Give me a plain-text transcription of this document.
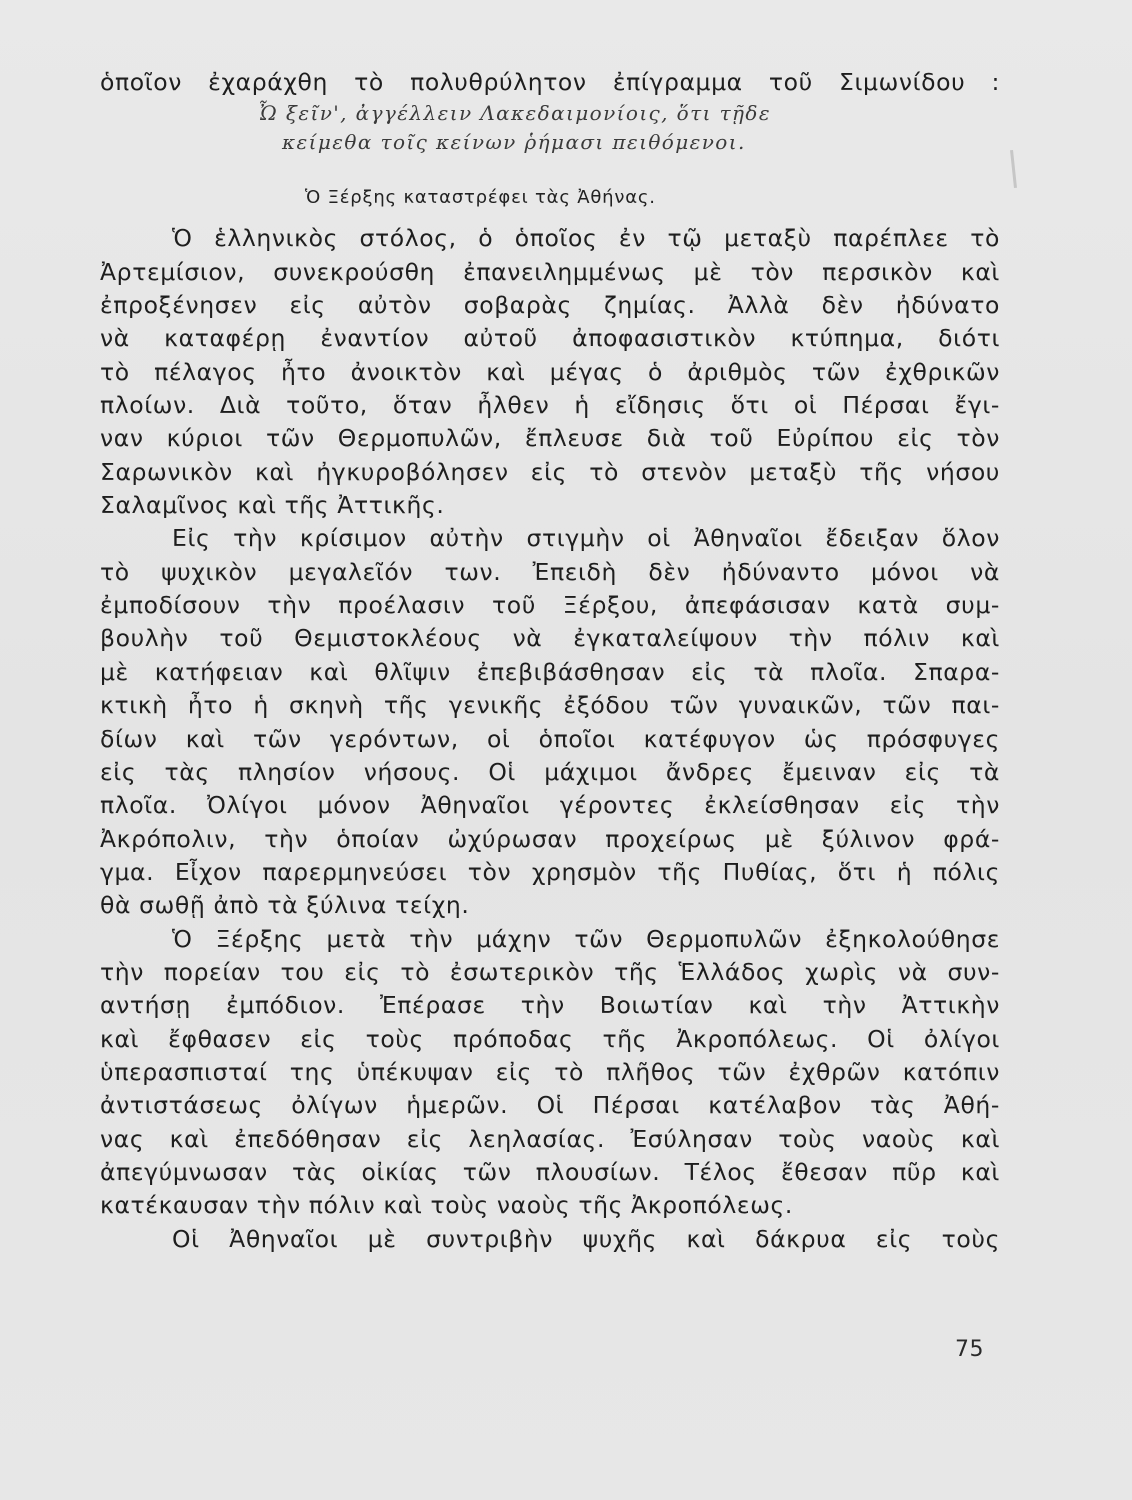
ὁποῖον ἐχαράχθη τὸ πολυθρύλητον ἐπίγραμμα τοῦ Σιμωνίδου :
Ὦ ξεῖν', ἀγγέλλειν Λακεδαιμονίοις, ὅτι τῇδε
κείμεθα τοῖς κείνων ῥήμασι πειθόμενοι.
Ὁ Ξέρξης καταστρέφει τὰς Ἀθήνας.
Ὁ ἑλληνικὸς στόλος, ὁ ὁποῖος ἐν τῷ μεταξὺ παρέπλεε τὸ
Ἀρτεμίσιον, συνεκρούσθη ἐπανειλημμένως μὲ τὸν περσικὸν καὶ
ἐπροξένησεν εἰς αὐτὸν σοβαρὰς ζημίας. Ἀλλὰ δὲν ἠδύνατο
νὰ καταφέρῃ ἐναντίον αὐτοῦ ἀποφασιστικὸν κτύπημα, διότι
τὸ πέλαγος ἦτο ἀνοικτὸν καὶ μέγας ὁ ἀριθμὸς τῶν ἐχθρικῶν
πλοίων. Διὰ τοῦτο, ὅταν ἦλθεν ἡ εἴδησις ὅτι οἱ Πέρσαι ἔγι-
ναν κύριοι τῶν Θερμοπυλῶν, ἔπλευσε διὰ τοῦ Εὐρίπου εἰς τὸν
Σαρωνικὸν καὶ ἠγκυροβόλησεν εἰς τὸ στενὸν μεταξὺ τῆς νήσου
Σαλαμῖνος καὶ τῆς Ἀττικῆς.
Εἰς τὴν κρίσιμον αὐτὴν στιγμὴν οἱ Ἀθηναῖοι ἔδειξαν ὅλον
τὸ ψυχικὸν μεγαλεῖόν των. Ἐπειδὴ δὲν ἠδύναντο μόνοι νὰ
ἐμποδίσουν τὴν προέλασιν τοῦ Ξέρξου, ἀπεφάσισαν κατὰ συμ-
βουλὴν τοῦ Θεμιστοκλέους νὰ ἐγκαταλείψουν τὴν πόλιν καὶ
μὲ κατήφειαν καὶ θλῖψιν ἐπεβιβάσθησαν εἰς τὰ πλοῖα. Σπαρα-
κτικὴ ἦτο ἡ σκηνὴ τῆς γενικῆς ἐξόδου τῶν γυναικῶν, τῶν παι-
δίων καὶ τῶν γερόντων, οἱ ὁποῖοι κατέφυγον ὡς πρόσφυγες
εἰς τὰς πλησίον νήσους. Οἱ μάχιμοι ἄνδρες ἔμειναν εἰς τὰ
πλοῖα. Ὀλίγοι μόνον Ἀθηναῖοι γέροντες ἐκλείσθησαν εἰς τὴν
Ἀκρόπολιν, τὴν ὁποίαν ὠχύρωσαν προχείρως μὲ ξύλινον φρά-
γμα. Εἶχον παρερμηνεύσει τὸν χρησμὸν τῆς Πυθίας, ὅτι ἡ πόλις
θὰ σωθῇ ἀπὸ τὰ ξύλινα τείχη.
Ὁ Ξέρξης μετὰ τὴν μάχην τῶν Θερμοπυλῶν ἐξηκολούθησε
τὴν πορείαν του εἰς τὸ ἐσωτερικὸν τῆς Ἑλλάδος χωρὶς νὰ συν-
αντήσῃ ἐμπόδιον. Ἐπέρασε τὴν Βοιωτίαν καὶ τὴν Ἀττικὴν
καὶ ἔφθασεν εἰς τοὺς πρόποδας τῆς Ἀκροπόλεως. Οἱ ὀλίγοι
ὑπερασπισταί της ὑπέκυψαν εἰς τὸ πλῆθος τῶν ἐχθρῶν κατόπιν
ἀντιστάσεως ὀλίγων ἡμερῶν. Οἱ Πέρσαι κατέλαβον τὰς Ἀθή-
νας καὶ ἐπεδόθησαν εἰς λεηλασίας. Ἐσύλησαν τοὺς ναοὺς καὶ
ἀπεγύμνωσαν τὰς οἰκίας τῶν πλουσίων. Τέλος ἔθεσαν πῦρ καὶ
κατέκαυσαν τὴν πόλιν καὶ τοὺς ναοὺς τῆς Ἀκροπόλεως.
Οἱ Ἀθηναῖοι μὲ συντριβὴν ψυχῆς καὶ δάκρυα εἰς τοὺς
75
